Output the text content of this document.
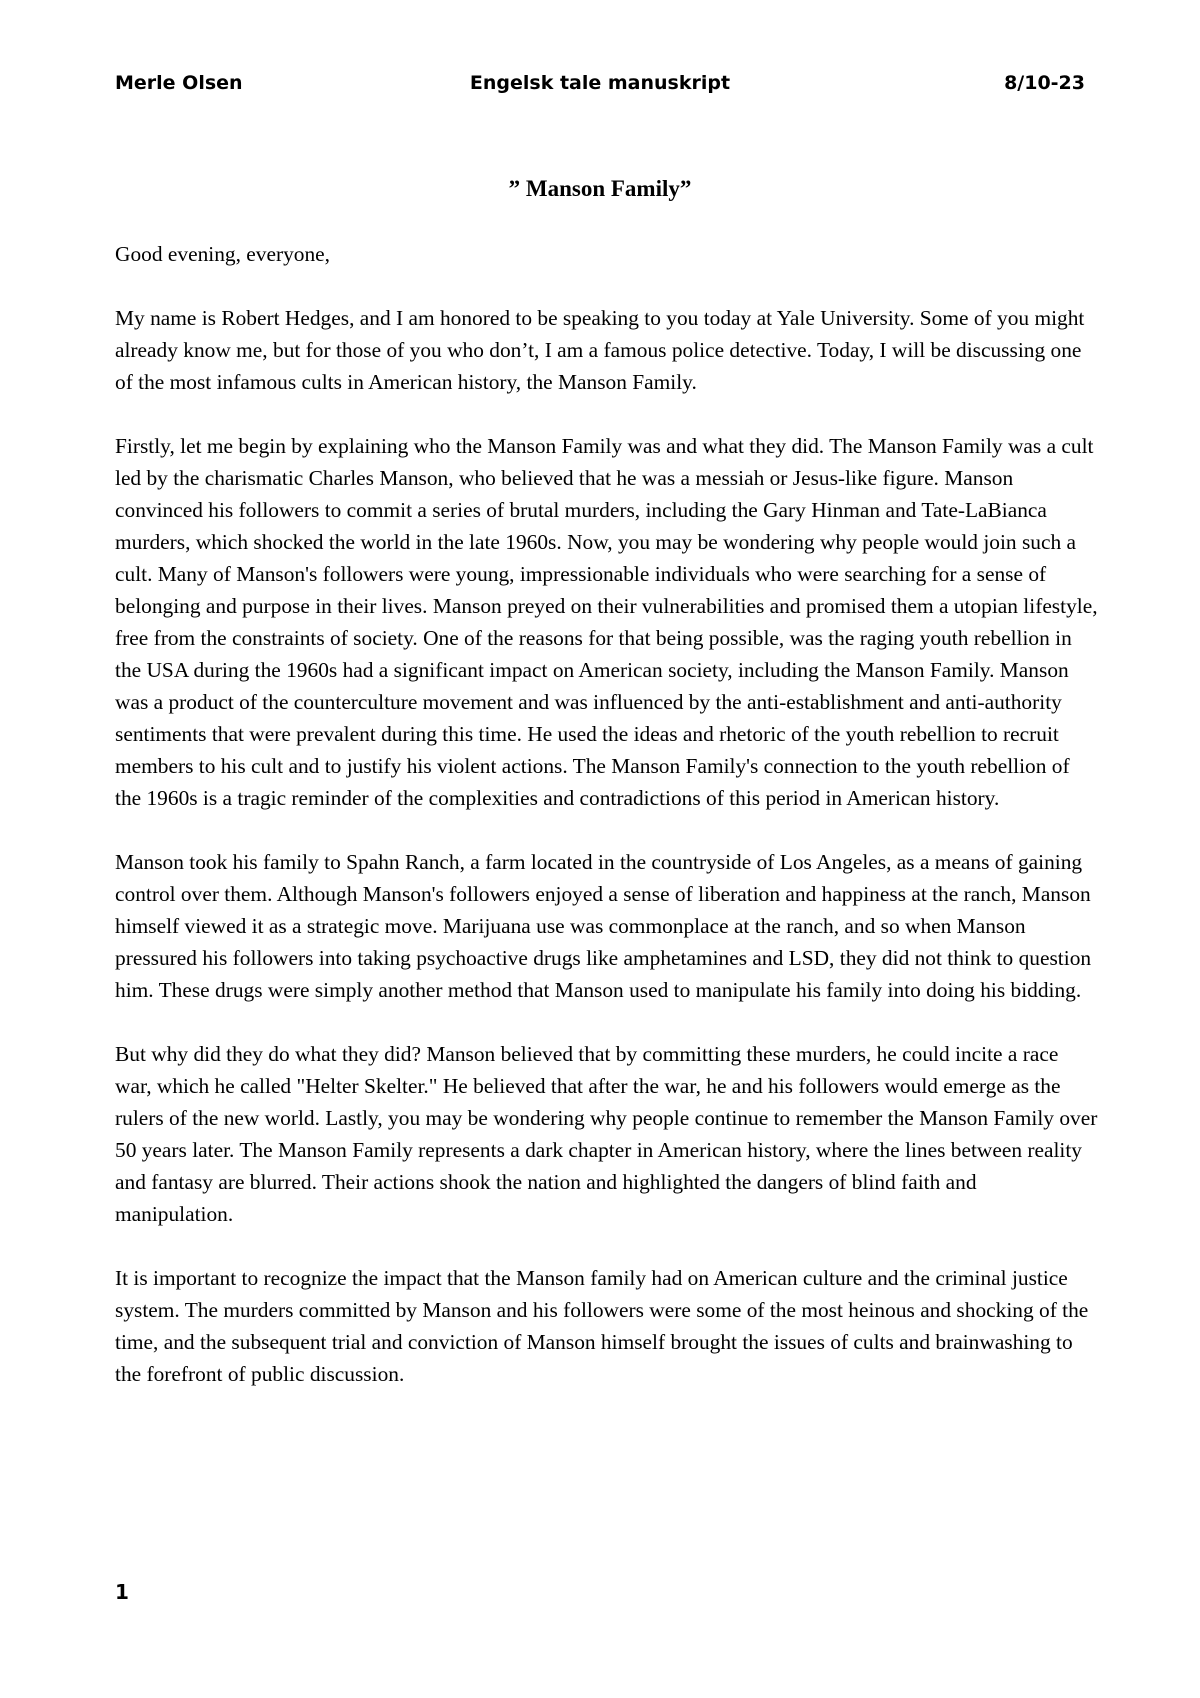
Merle Olsen	Engelsk tale manuskript	8/10-23
” Manson Family”

Good evening, everyone,

My name is Robert Hedges, and I am honored to be speaking to you today at Yale University. Some of you might already know me, but for those of you who don’t, I am a famous police detective. Today, I will be discussing one of the most infamous cults in American history, the Manson Family.

Firstly, let me begin by explaining who the Manson Family was and what they did. The Manson Family was a cult led by the charismatic Charles Manson, who believed that he was a messiah or Jesus-like figure. Manson convinced his followers to commit a series of brutal murders, including the Gary Hinman and Tate-LaBianca murders, which shocked the world in the late 1960s. Now, you may be wondering why people would join such a cult. Many of Manson's followers were young, impressionable individuals who were searching for a sense of belonging and purpose in their lives. Manson preyed on their vulnerabilities and promised them a utopian lifestyle, free from the constraints of society. One of the reasons for that being possible, was the raging youth rebellion in the USA during the 1960s had a significant impact on American society, including the Manson Family. Manson was a product of the counterculture movement and was influenced by the anti-establishment and anti-authority sentiments that were prevalent during this time. He used the ideas and rhetoric of the youth rebellion to recruit members to his cult and to justify his violent actions. The Manson Family's connection to the youth rebellion of the 1960s is a tragic reminder of the complexities and contradictions of this period in American history.

Manson took his family to Spahn Ranch, a farm located in the countryside of Los Angeles, as a means of gaining control over them. Although Manson's followers enjoyed a sense of liberation and happiness at the ranch, Manson himself viewed it as a strategic move. Marijuana use was commonplace at the ranch, and so when Manson pressured his followers into taking psychoactive drugs like amphetamines and LSD, they did not think to question him. These drugs were simply another method that Manson used to manipulate his family into doing his bidding.

But why did they do what they did? Manson believed that by committing these murders, he could incite a race war, which he called "Helter Skelter." He believed that after the war, he and his followers would emerge as the rulers of the new world. Lastly, you may be wondering why people continue to remember the Manson Family over 50 years later. The Manson Family represents a dark chapter in American history, where the lines between reality and fantasy are blurred. Their actions shook the nation and highlighted the dangers of blind faith and manipulation.

It is important to recognize the impact that the Manson family had on American culture and the criminal justice system. The murders committed by Manson and his followers were some of the most heinous and shocking of the time, and the subsequent trial and conviction of Manson himself brought the issues of cults and brainwashing to the forefront of public discussion.

1
